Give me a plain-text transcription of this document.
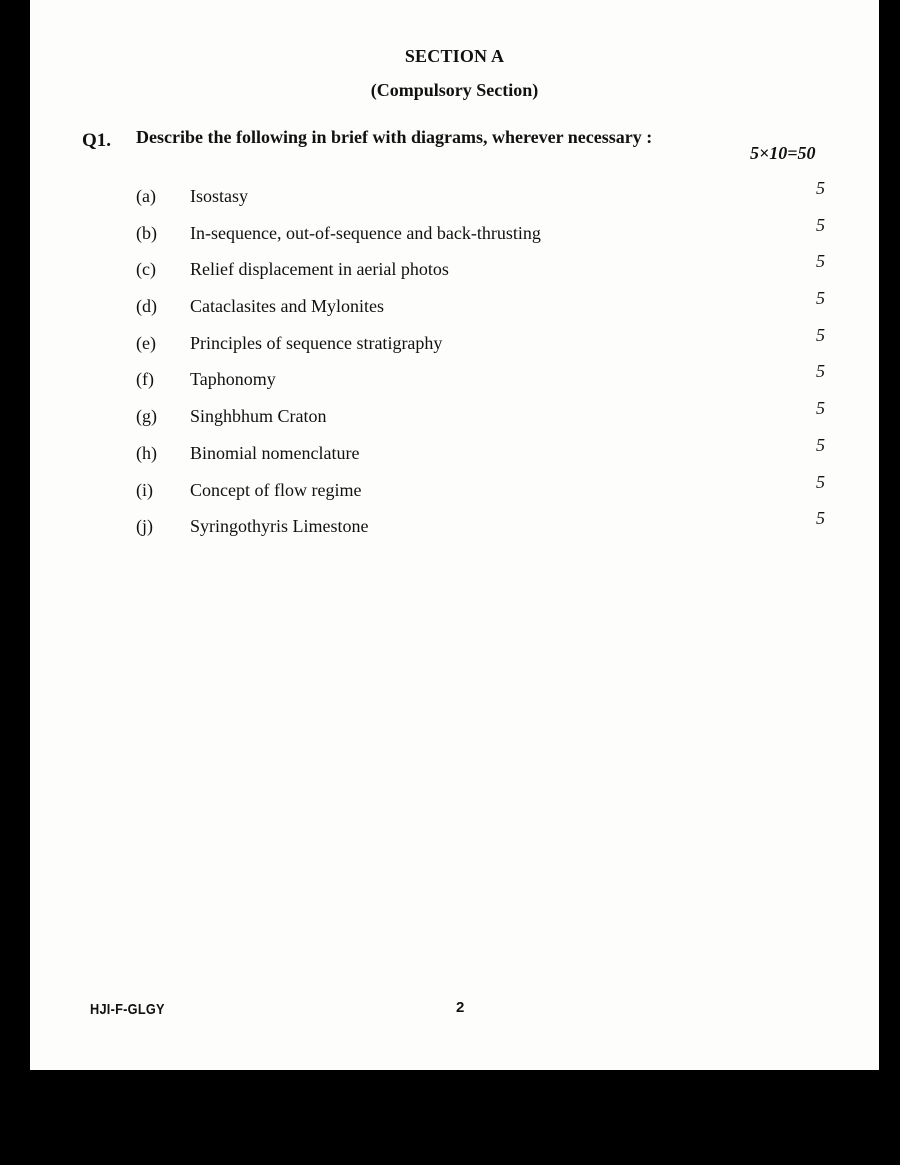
SECTION A
(Compulsory Section)
Q1. Describe the following in brief with diagrams, wherever necessary :
5×10=50
(a) Isostasy	5
(b) In-sequence, out-of-sequence and back-thrusting	5
(c) Relief displacement in aerial photos	5
(d) Cataclasites and Mylonites	5
(e) Principles of sequence stratigraphy	5
(f) Taphonomy	5
(g) Singhbhum Craton	5
(h) Binomial nomenclature	5
(i) Concept of flow regime	5
(j) Syringothyris Limestone	5
HJI-F-GLGY	2
